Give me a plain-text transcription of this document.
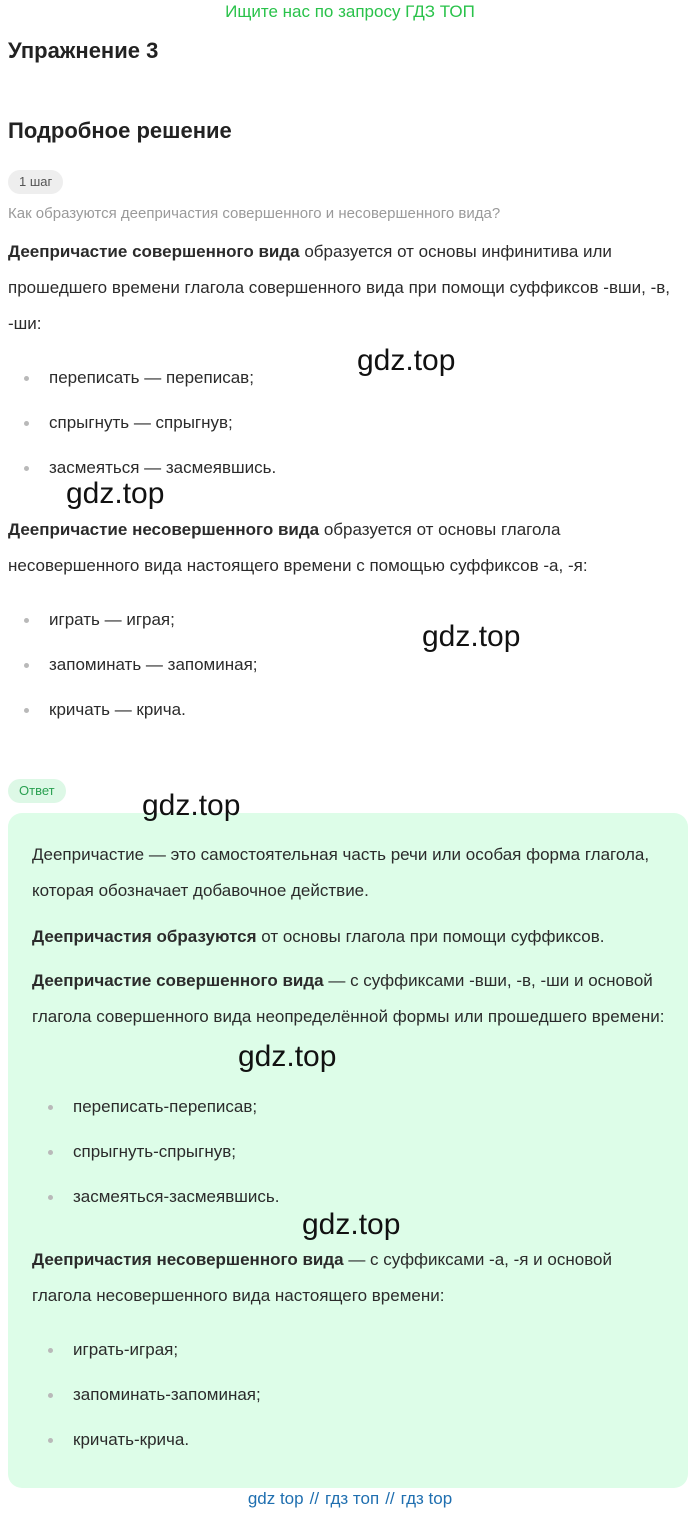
Ищите нас по запросу ГДЗ ТОП
Упражнение 3
Подробное решение
1 шаг
Как образуются деепричастия совершенного и несовершенного вида?
Деепричастие совершенного вида образуется от основы инфинитива или прошедшего времени глагола совершенного вида при помощи суффиксов -вши, -в, -ши:
переписать — переписав;
спрыгнуть — спрыгнув;
засмеяться — засмеявшись.
Деепричастие несовершенного вида образуется от основы глагола несовершенного вида настоящего времени с помощью суффиксов -а, -я:
играть — играя;
запоминать — запоминая;
кричать — крича.
Ответ
Деепричастие — это самостоятельная часть речи или особая форма глагола, которая обозначает добавочное действие.
Деепричастия образуются от основы глагола при помощи суффиксов.
Деепричастие совершенного вида — с суффиксами -вши, -в, -ши и основой глагола совершенного вида неопределённой формы или прошедшего времени:
переписать-переписав;
спрыгнуть-спрыгнув;
засмеяться-засмеявшись.
Деепричастия несовершенного вида — с суффиксами -а, -я и основой глагола несовершенного вида настоящего времени:
играть-играя;
запоминать-запоминая;
кричать-крича.
gdz.top
gdz.top
gdz.top
gdz.top
gdz.top
gdz.top
gdz top // гдз топ // гдз top
